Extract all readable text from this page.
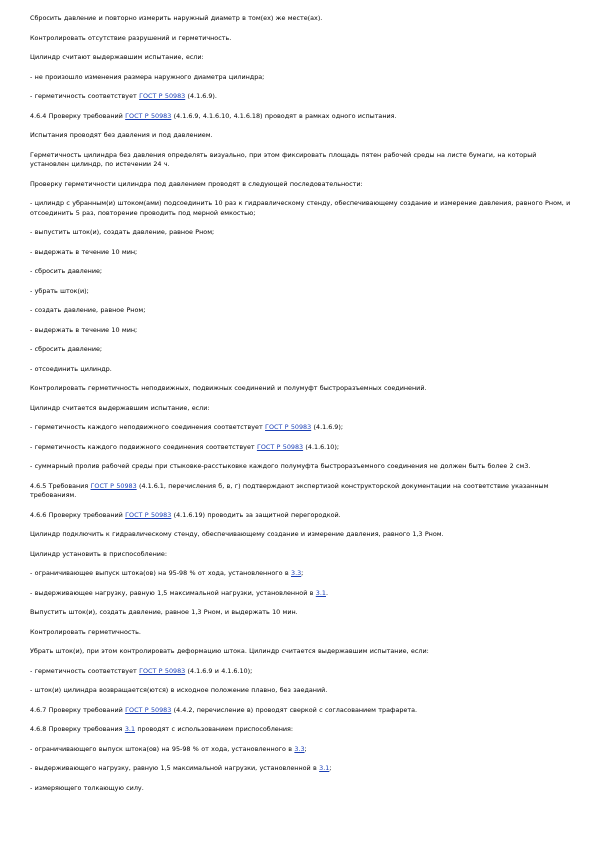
Сбросить давление и повторно измерить наружный диаметр в том(ех) же месте(ах).
Контролировать отсутствие разрушений и герметичность.
Цилиндр считают выдержавшим испытание, если:
- не произошло изменения размера наружного диаметра цилиндра;
- герметичность соответствует ГОСТ Р 50983 (4.1.6.9).
4.6.4 Проверку требований ГОСТ Р 50983 (4.1.6.9, 4.1.6.10, 4.1.6.18) проводят в рамках одного испытания.
Испытания проводят без давления и под давлением.
Герметичность цилиндра без давления определять визуально, при этом фиксировать площадь пятен рабочей среды на листе бумаги, на который установлен цилиндр, по истечении 24 ч.
Проверку герметичности цилиндра под давлением проводят в следующей последовательности:
- цилиндр с убранным(и) штоком(ами) подсоединить 10 раз к гидравлическому стенду, обеспечивающему создание и измерение давления, равного Pном, и отсоединить 5 раз, повторение проводить под мерной емкостью;
- выпустить шток(и), создать давление, равное Pном;
- выдержать в течение 10 мин;
- сбросить давление;
- убрать шток(и);
- создать давление, равное Pном;
- выдержать в течение 10 мин;
- сбросить давление;
- отсоединить цилиндр.
Контролировать герметичность неподвижных, подвижных соединений и полумуфт быстроразъемных соединений.
Цилиндр считается выдержавшим испытание, если:
- герметичность каждого неподвижного соединения соответствует ГОСТ Р 50983 (4.1.6.9);
- герметичность каждого подвижного соединения соответствует ГОСТ Р 50983 (4.1.6.10);
- суммарный пролив рабочей среды при стыковке-расстыковке каждого полумуфта быстроразъемного соединения не должен быть более 2 см3.
4.6.5 Требования ГОСТ Р 50983 (4.1.6.1, перечисления б, в, г) подтверждают экспертизой конструкторской документации на соответствие указанным требованиям.
4.6.6 Проверку требований ГОСТ Р 50983 (4.1.6.19) проводить за защитной перегородкой.
Цилиндр подключить к гидравлическому стенду, обеспечивающему создание и измерение давления, равного 1,3 Pном.
Цилиндр установить в приспособление:
- ограничивающее выпуск штока(ов) на 95-98 % от хода, установленного в 3.3;
- выдерживающее нагрузку, равную 1,5 максимальной нагрузки, установленной в 3.1.
Выпустить шток(и), создать давление, равное 1,3 Pном, и выдержать 10 мин.
Контролировать герметичность.
Убрать шток(и), при этом контролировать деформацию штока. Цилиндр считается выдержавшим испытание, если:
- герметичность соответствует ГОСТ Р 50983 (4.1.6.9 и 4.1.6.10);
- шток(и) цилиндра возвращается(ются) в исходное положение плавно, без заеданий.
4.6.7 Проверку требований ГОСТ Р 50983 (4.4.2, перечисление в) проводят сверкой с согласованием трафарета.
4.6.8 Проверку требования 3.1 проводят с использованием приспособления:
- ограничивающего выпуск штока(ов) на 95-98 % от хода, установленного в 3.3;
- выдерживающего нагрузку, равную 1,5 максимальной нагрузки, установленной в 3.1;
- измеряющего толкающую силу.
